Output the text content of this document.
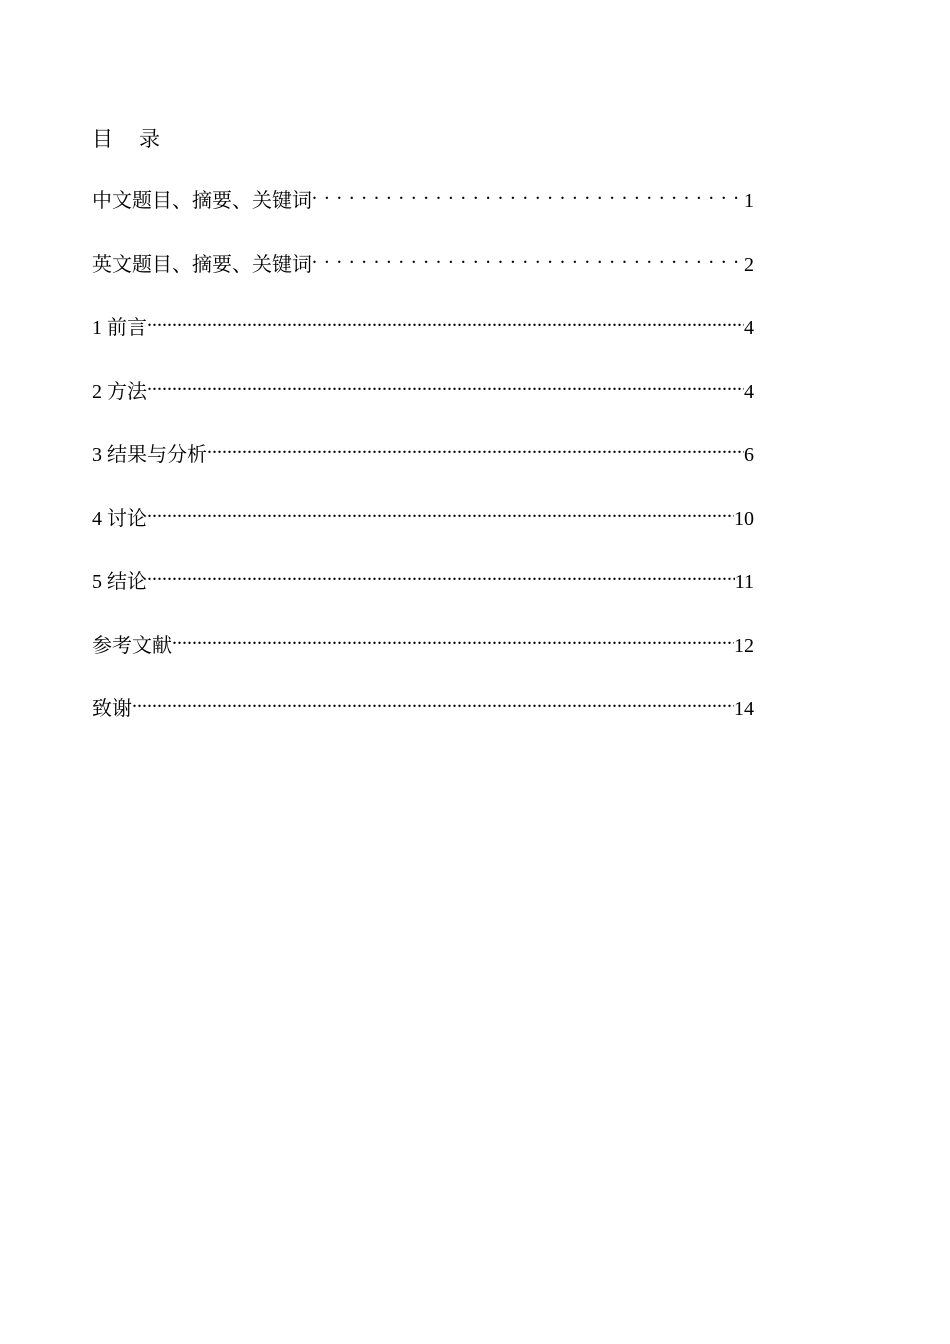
目 录
中文题目、摘要、关键词 . . .	1
英文题目、摘要、关键词 . . .	2
1 前言 .....	4
2 方法 .....	4
3 结果与分析 .....	6
4 讨论 .....	10
5 结论 .....	11
参考文献 .....	12
致谢 .....	14
